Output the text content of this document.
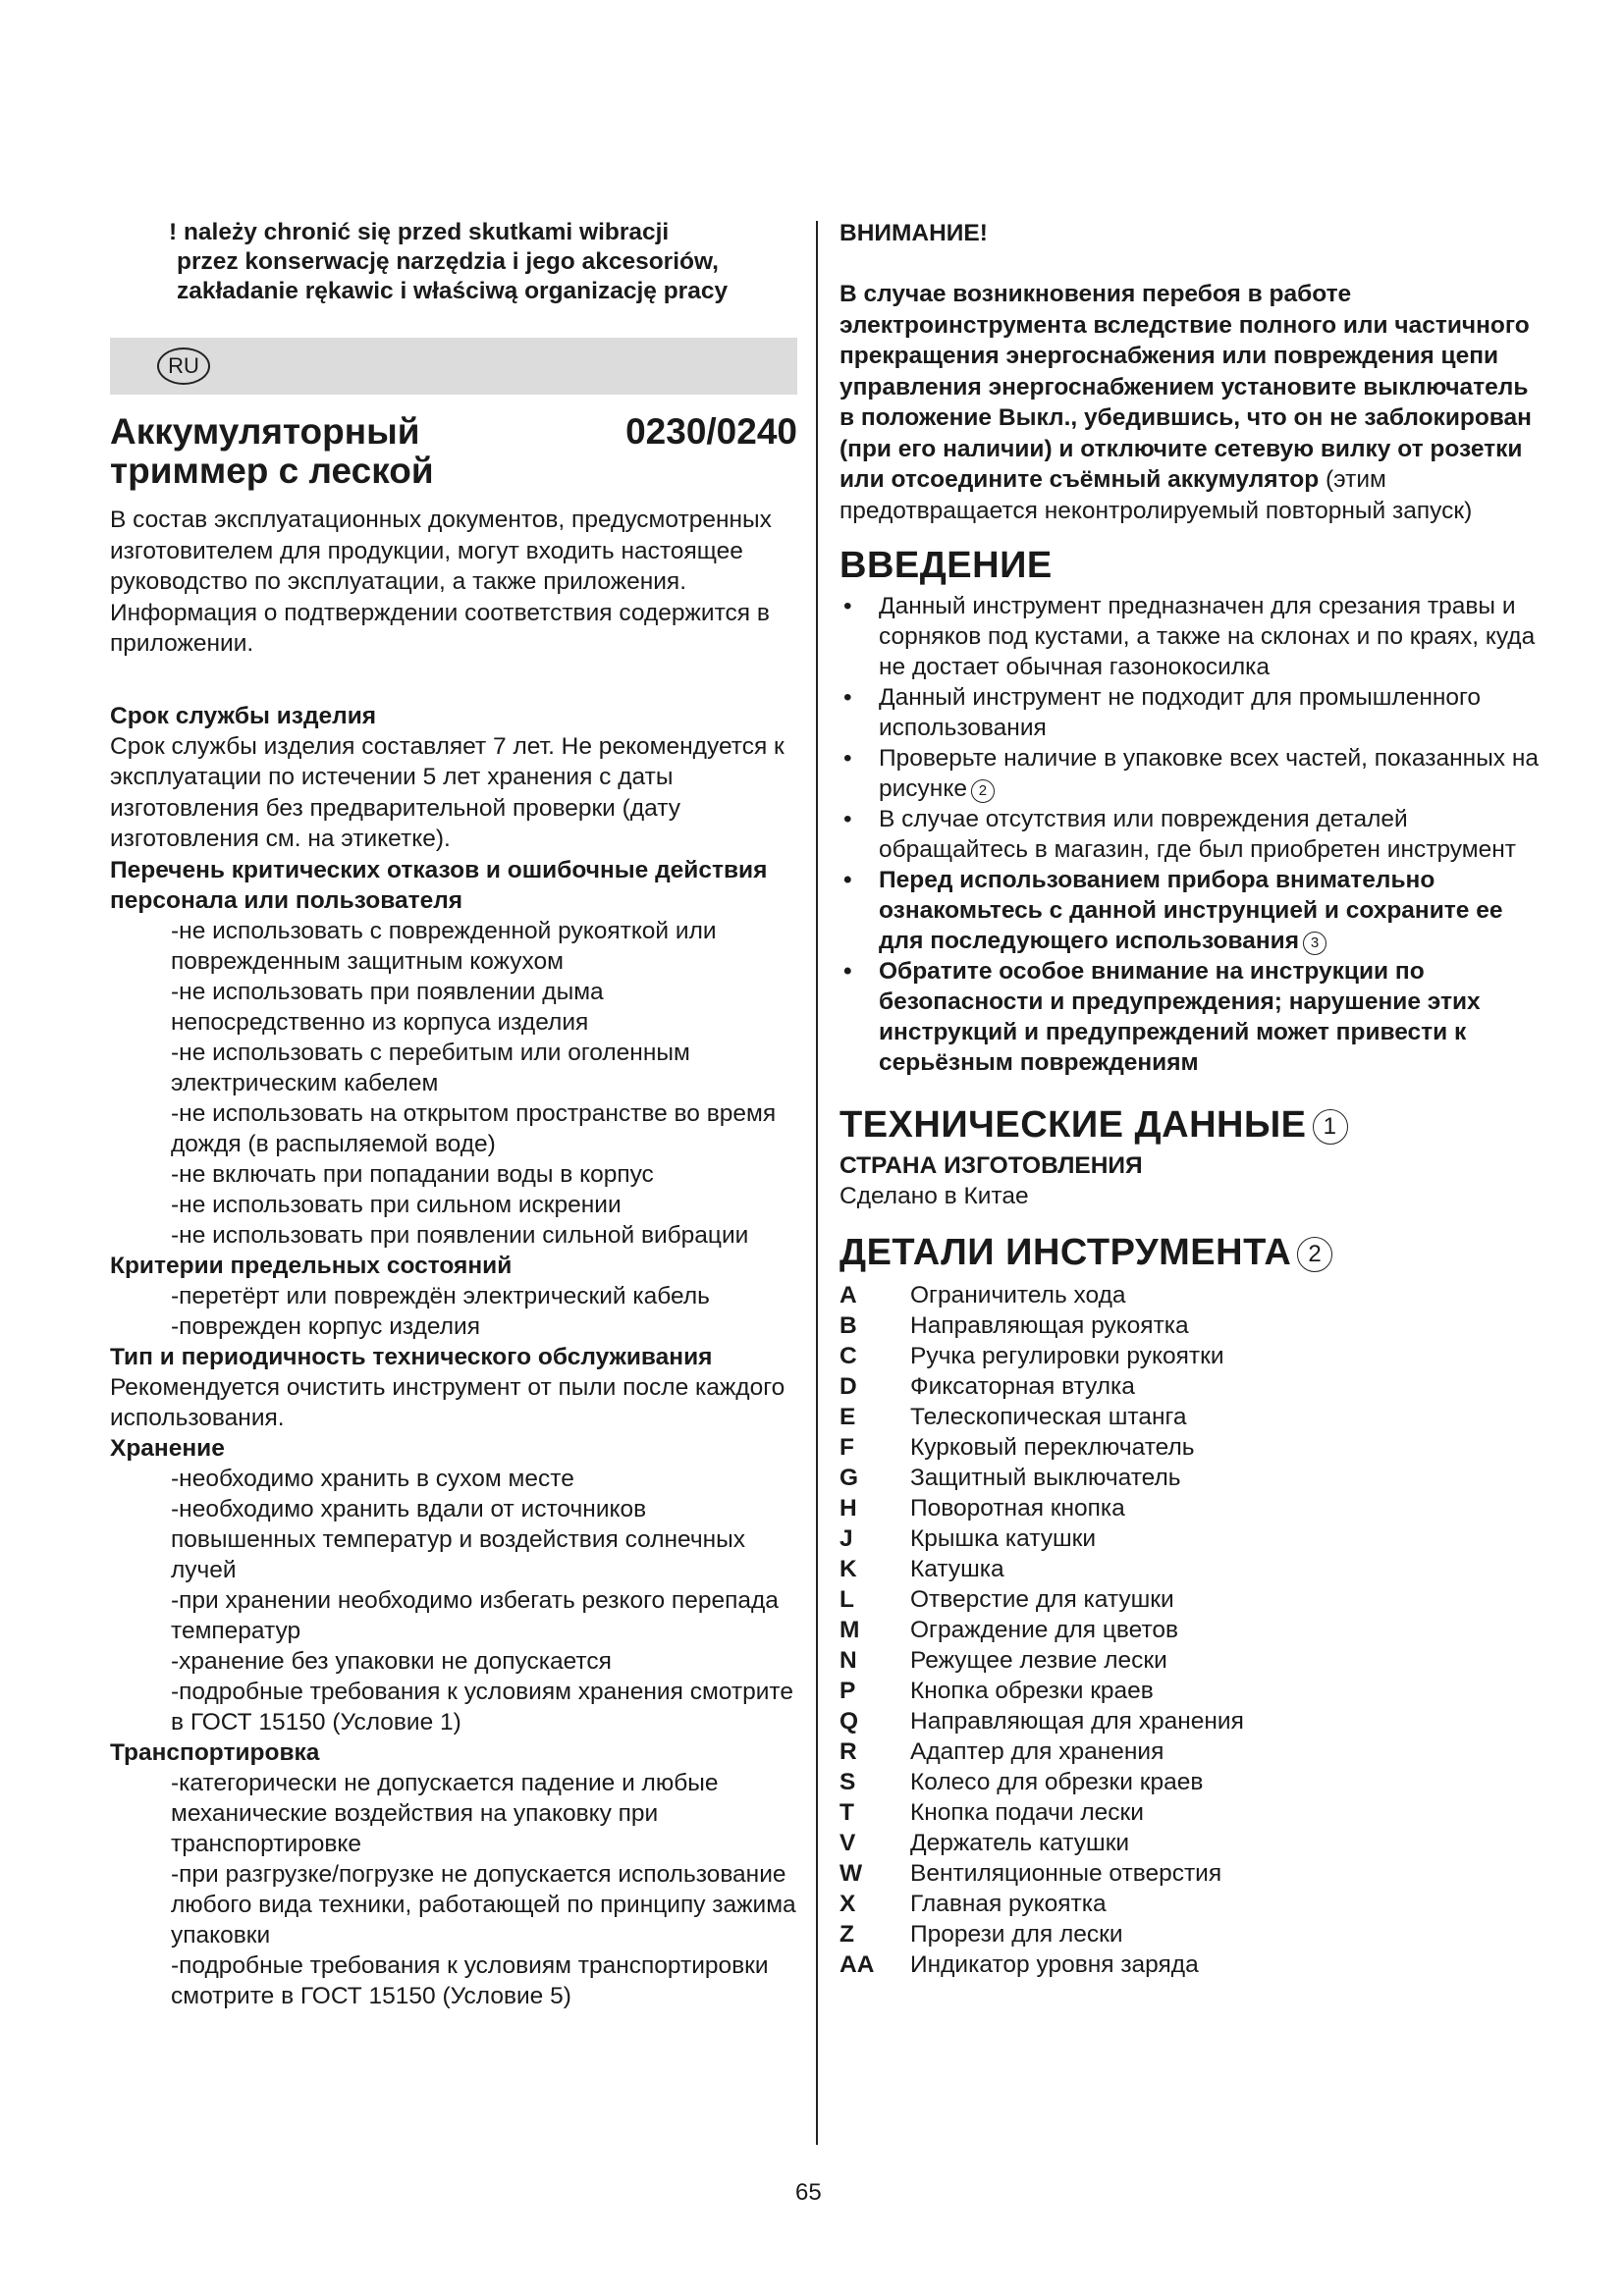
! należy chronić się przed skutkami wibracji
przez konserwację narzędzia i jego akcesoriów,
zakładanie rękawic i właściwą organizację pracy
RU
Аккумуляторный
триммер с леской
0230/0240
В состав эксплуатационных документов, предусмотренных изготовителем для продукции, могут входить настоящее руководство по эксплуатации, а также приложения.
Информация о подтверждении соответствия содержится в приложении.
Срок службы изделия
Срок службы изделия составляет 7 лет. Не рекомендуется к эксплуатации по истечении 5 лет хранения с даты изготовления без предварительной проверки (дату изготовления см. на этикетке).
Перечень критических отказов и ошибочные действия персонала или пользователя
-не использовать с поврежденной рукояткой или поврежденным защитным кожухом
-не использовать при появлении дыма непосредственно из корпуса изделия
-не использовать с перебитым или оголенным электрическим кабелем
-не использовать на открытом пространстве во время дождя (в распыляемой воде)
-не включать при попадании воды в корпус
-не использовать при сильном искрении
-не использовать при появлении сильной вибрации
Критерии предельных состояний
-перетёрт или повреждён электрический кабель
-поврежден корпус изделия
Тип и периодичность технического обслуживания
Рекомендуется очистить инструмент от пыли после каждого использования.
Хранение
-необходимо хранить в сухом месте
-необходимо хранить вдали от источников повышенных температур и воздействия солнечных лучей
-при хранении необходимо избегать резкого перепада температур
-хранение без упаковки не допускается
-подробные требования к условиям хранения смотрите в ГОСТ 15150 (Условие 1)
Транспортировка
-категорически не допускается падение и любые механические воздействия на упаковку при транспортировке
-при разгрузке/погрузке не допускается использование любого вида техники, работающей по принципу зажима упаковки
-подробные требования к условиям транспортировки смотрите в ГОСТ 15150 (Условие 5)
ВНИМАНИЕ!
В случае возникновения перебоя в работе электроинструмента вследствие полного или частичного прекращения энергоснабжения или повреждения цепи управления энергоснабжением установите выключатель в положение Выкл., убедившись, что он не заблокирован (при его наличии) и отключите сетевую вилку от розетки или отсоедините съёмный аккумулятор (этим предотвращается неконтролируемый повторный запуск)
ВВЕДЕНИЕ
• Данный инструмент предназначен для срезания травы и сорняков под кустами, а также на склонах и по краях, куда не достает обычная газонокосилка
• Данный инструмент не подходит для промышленного использования
• Проверьте наличие в упаковке всех частей, показанных на рисунке 2
• В случае отсутствия или повреждения деталей обращайтесь в магазин, где был приобретен инструмент
• Перед использованием прибора внимательно ознакомьтесь с данной инструнцией и сохраните ее для последующего использования 3
• Обратите особое внимание на инструкции по безопасности и предупреждения; нарушение этих инструкций и предупреждений может привести к серьёзным повреждениям
ТЕХНИЧЕСКИЕ ДАННЫЕ 1
СТРАНА ИЗГОТОВЛЕНИЯ
Сделано в Китае
ДЕТАЛИ ИНСТРУМЕНТА 2
A Ограничитель хода
B Направляющая рукоятка
C Ручка регулировки рукоятки
D Фиксаторная втулка
E Телескопическая штанга
F Курковый переключатель
G Защитный выключатель
H Поворотная кнопка
J Крышка катушки
K Катушка
L Отверстие для катушки
M Ограждение для цветов
N Режущее лезвие лески
P Кнопка обрезки краев
Q Направляющая для хранения
R Адаптер для хранения
S Колесо для обрезки краев
T Кнопка подачи лески
V Держатель катушки
W Вентиляционные отверстия
X Главная рукоятка
Z Прорези для лески
AA Индикатор уровня заряда
65
